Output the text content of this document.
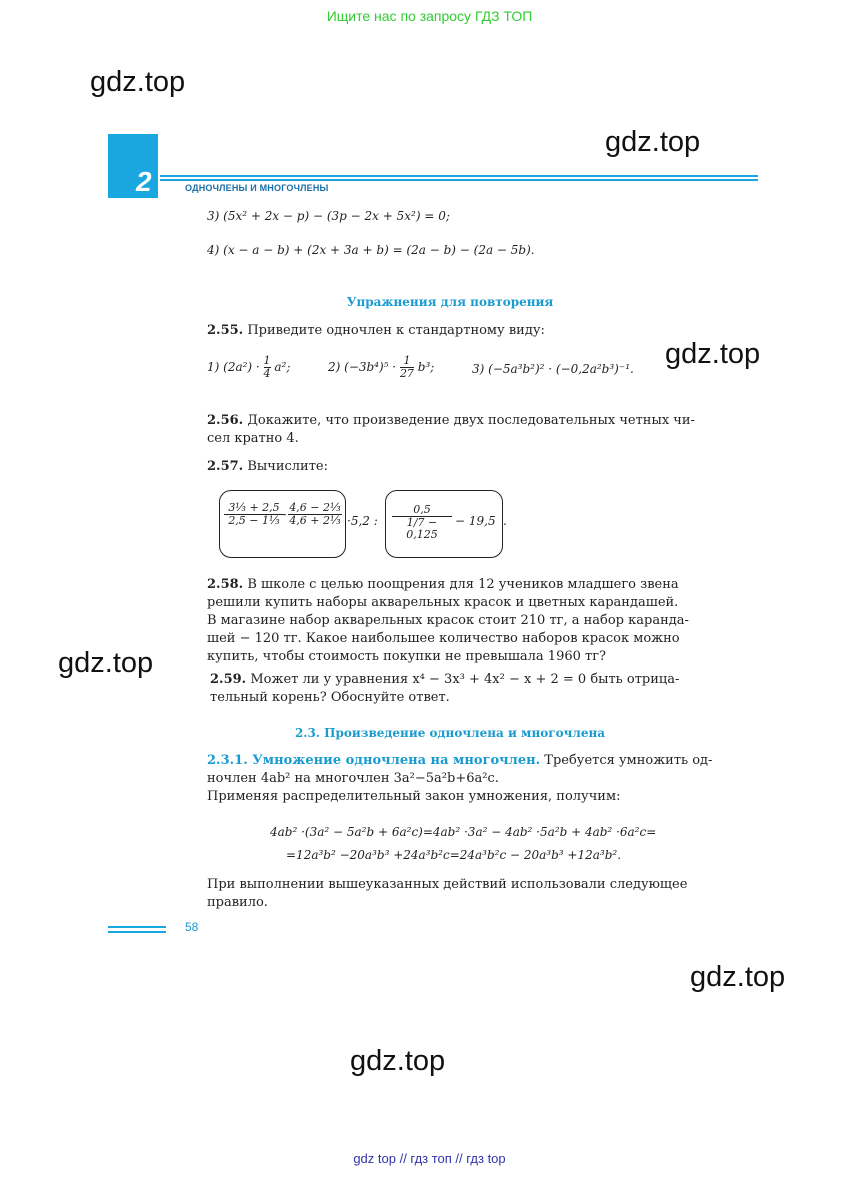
Ищите нас по запросу ГДЗ ТОП
gdz.top
gdz.top
gdz.top
gdz.top
gdz.top
gdz.top
2	ОДНОЧЛЕНЫ И МНОГОЧЛЕНЫ
3) (5x² + 2x − p) − (3p − 2x + 5x²) = 0;
4) (x − a − b) + (2x + 3a + b) = (2a − b) − (2a − 5b).
Упражнения для повторения
2.55. Приведите одночлен к стандартному виду:
1) $(2a^2) \cdot \frac{1}{4} a^2$;	2) $(-3b^4)^5 \cdot \frac{1}{27} b^3$;	3) (−5a³b²)² · (−0,2a²b³)⁻¹.
2.56. Докажите, что произведение двух последовательных четных чи-
сел кратно 4.
2.57. Вычислите:
$\frac{\text{3⅓ + 2,5}}{\text{2,5 − 1⅓}} \cdot \frac{\text{4,6 − 2⅓}}{\text{4,6 + 2⅓}} \cdot 5,2$ : $\frac{0,5}{1/7 - 0,125} - 19,5$ .
2.58. В школе с целью поощрения для 12 учеников младшего звена
решили купить наборы акварельных красок и цветных карандашей.
В магазине набор акварельных красок стоит 210 тг, а набор каранда-
шей − 120 тг. Какое наибольшее количество наборов красок можно
купить, чтобы стоимость покупки не превышала 1960 тг?
2.59. Может ли у уравнения x⁴ − 3x³ + 4x² − x + 2 = 0 быть отрица-
тельный корень? Обоснуйте ответ.
2.3. Произведение одночлена и многочлена
2.3.1. Умножение одночлена на многочлен. Требуется умножить од-
ночлен 4ab² на многочлен 3a²−5a²b+6a²c.
Применяя распределительный закон умножения, получим:
4ab² ·(3a² − 5a²b + 6a²c)=4ab² ·3a² − 4ab² ·5a²b + 4ab² ·6a²c=
=12a³b² −20a³b³ +24a³b²c=24a³b²c − 20a³b³ +12a³b².
При выполнении вышеуказанных действий использовали следующее
правило.
58
gdz top // гдз топ // гдз top
